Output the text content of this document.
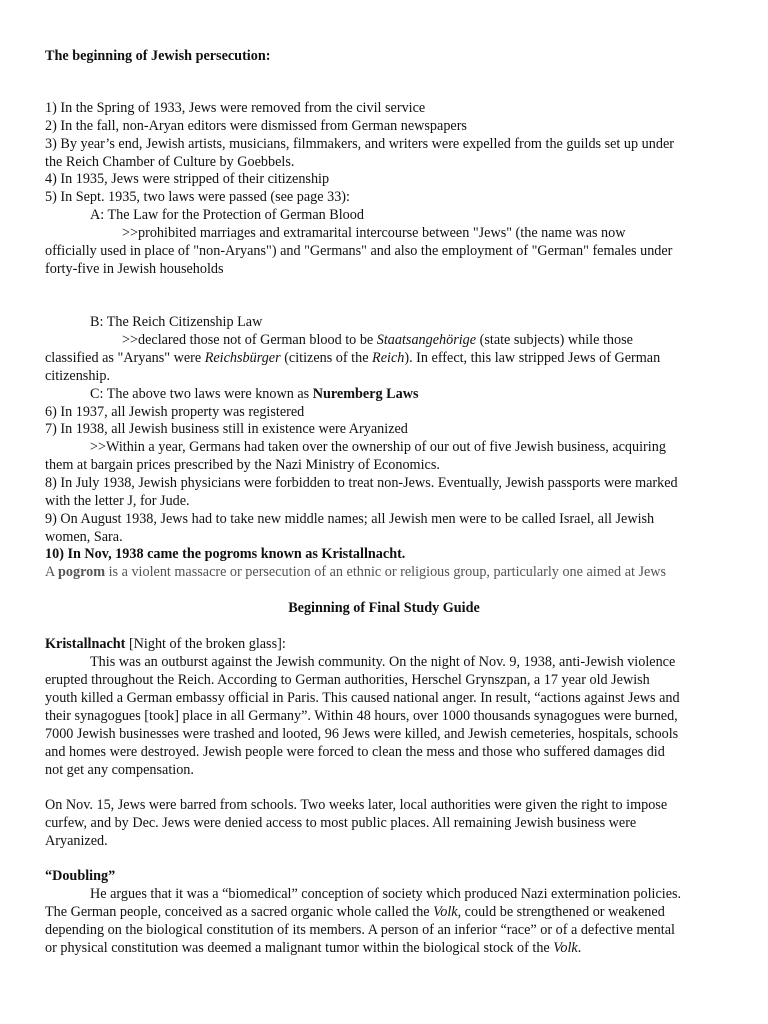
The beginning of Jewish persecution:
1) In the Spring of 1933, Jews were removed from the civil service
2) In the fall, non-Aryan editors were dismissed from German newspapers
3) By year’s end, Jewish artists, musicians, filmmakers, and writers were expelled from the guilds set up under
the Reich Chamber of Culture by Goebbels.
4) In 1935, Jews were stripped of their citizenship
5) In Sept. 1935, two laws were passed (see page 33):
A: The Law for the Protection of German Blood
>>prohibited marriages and extramarital intercourse between "Jews" (the name was now
officially used in place of "non-Aryans") and "Germans" and also the employment of "German" females under
forty-five in Jewish households
B: The Reich Citizenship Law
>>declared those not of German blood to be Staatsangehörige (state subjects) while those
classified as "Aryans" were Reichsbürger (citizens of the Reich). In effect, this law stripped Jews of German
citizenship.
C: The above two laws were known as Nuremberg Laws
6) In 1937, all Jewish property was registered
7) In 1938, all Jewish business still in existence were Aryanized
>>Within a year, Germans had taken over the ownership of our out of five Jewish business, acquiring
them at bargain prices prescribed by the Nazi Ministry of Economics.
8) In July 1938, Jewish physicians were forbidden to treat non-Jews. Eventually, Jewish passports were marked
with the letter J, for Jude.
9) On August 1938, Jews had to take new middle names; all Jewish men were to be called Israel, all Jewish
women, Sara.
10) In Nov, 1938 came the pogroms known as Kristallnacht.
A pogrom is a violent massacre or persecution of an ethnic or religious group, particularly one aimed at Jews
Beginning of Final Study Guide
Kristallnacht [Night of the broken glass]:
This was an outburst against the Jewish community. On the night of Nov. 9, 1938, anti-Jewish violence
erupted throughout the Reich. According to German authorities, Herschel Grynszpan, a 17 year old Jewish
youth killed a German embassy official in Paris. This caused national anger. In result, “actions against Jews and
their synagogues [took] place in all Germany”. Within 48 hours, over 1000 thousands synagogues were burned,
7000 Jewish businesses were trashed and looted, 96 Jews were killed, and Jewish cemeteries, hospitals, schools
and homes were destroyed. Jewish people were forced to clean the mess and those who suffered damages did
not get any compensation.
On Nov. 15, Jews were barred from schools. Two weeks later, local authorities were given the right to impose
curfew, and by Dec. Jews were denied access to most public places. All remaining Jewish business were
Aryanized.
“Doubling”
He argues that it was a “biomedical” conception of society which produced Nazi extermination policies.
The German people, conceived as a sacred organic whole called the Volk, could be strengthened or weakened
depending on the biological constitution of its members. A person of an inferior “race” or of a defective mental
or physical constitution was deemed a malignant tumor within the biological stock of the Volk.
